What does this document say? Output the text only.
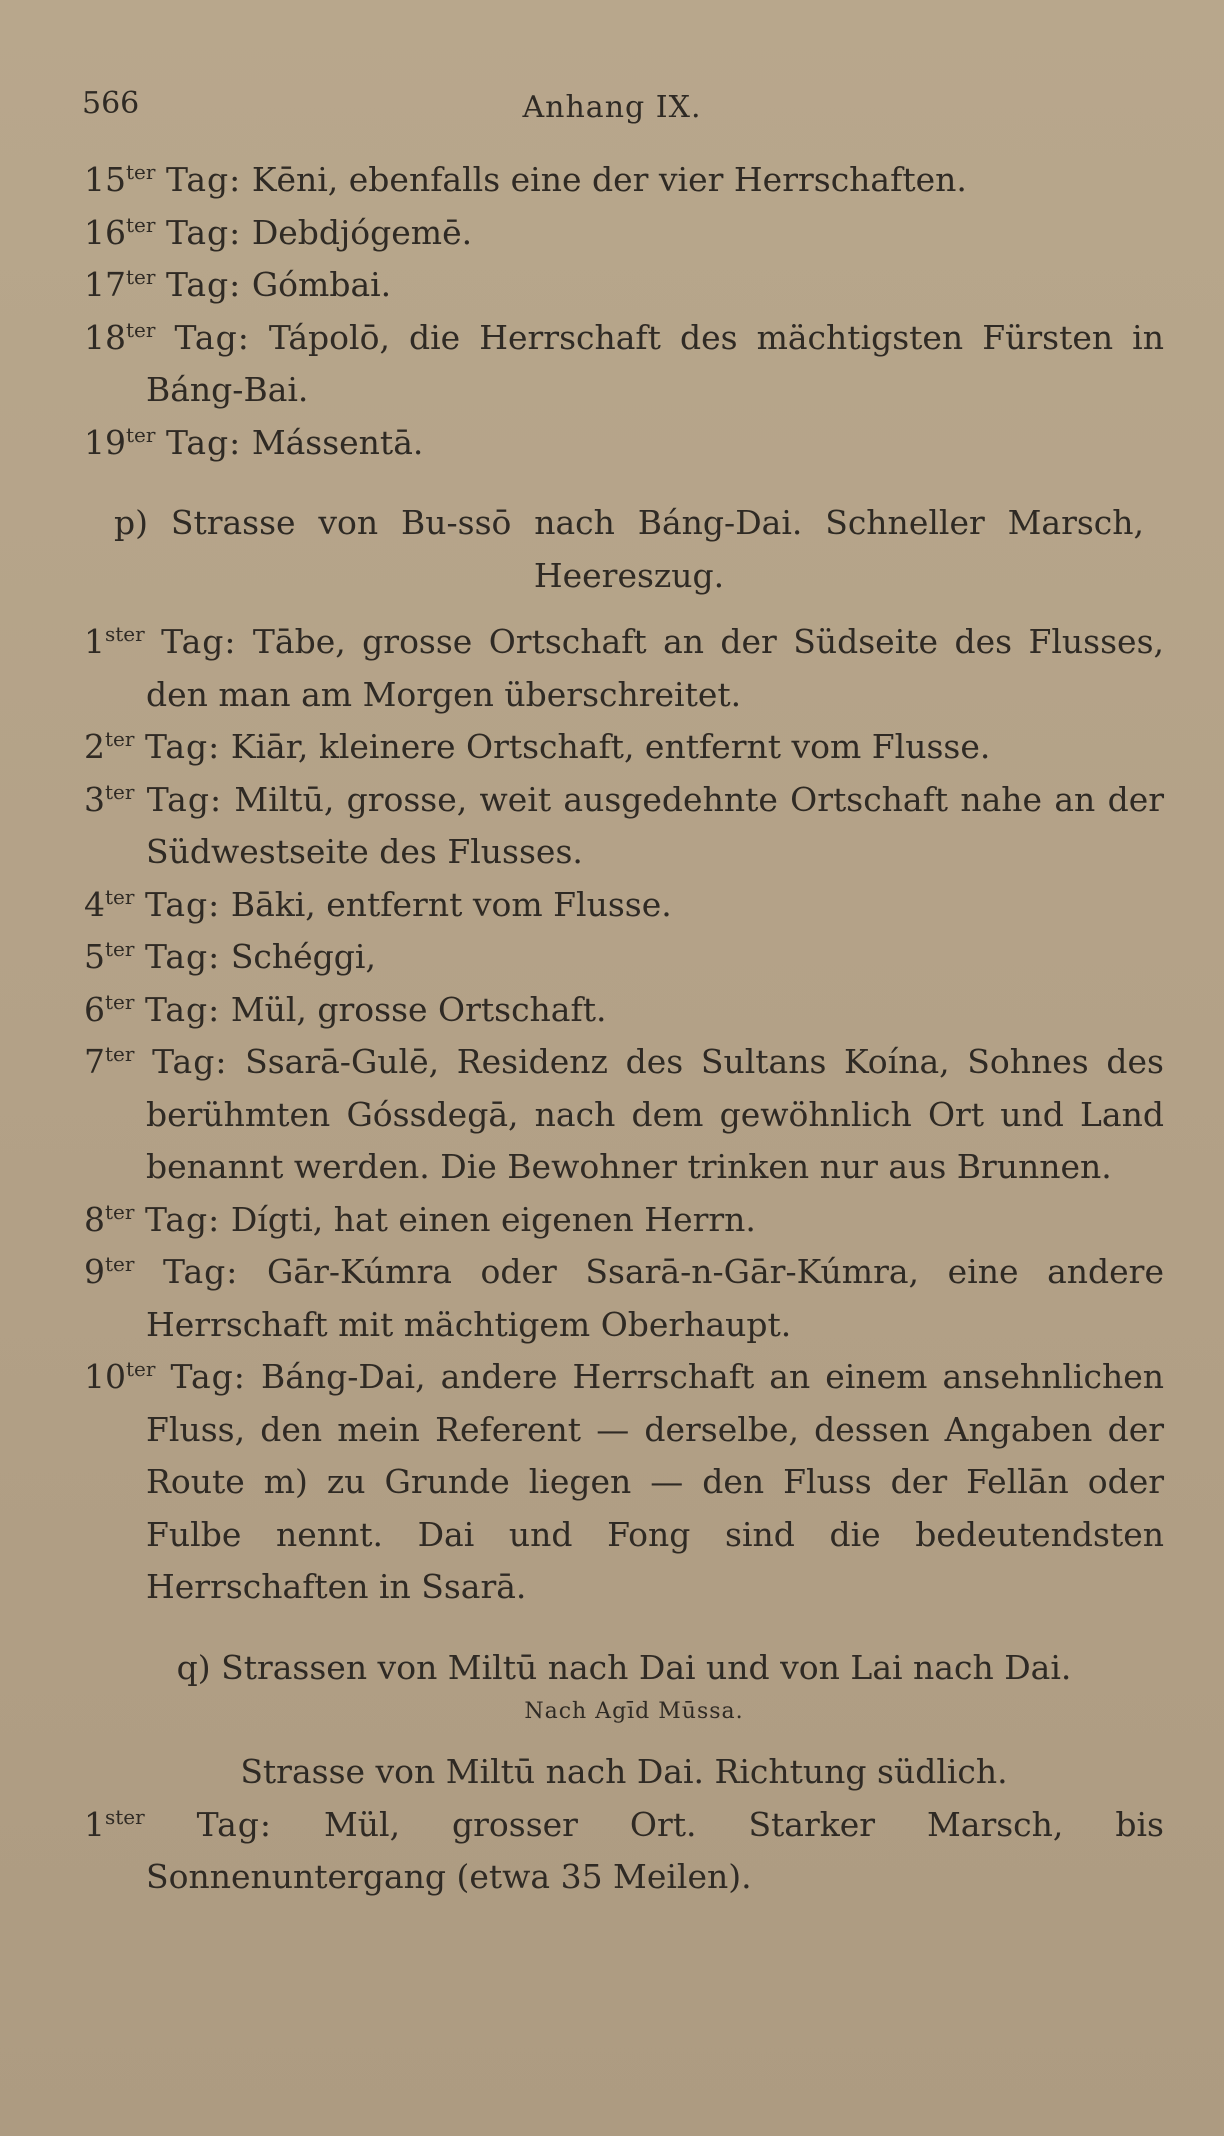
566	Anhang IX.

$15^{ter}$ Tag: Kēni, ebenfalls eine der vier Herrschaften.

$16^{ter}$ Tag: Debdjógemē.

$17^{ter}$ Tag: Gómbai.

$18^{ter}$ Tag: Tápolō, die Herrschaft des mächtigsten Fürsten in Báng-Bai.

$19^{ter}$ Tag: Mássentā.

p) Strasse von Bu-ssō nach Báng-Dai. Schneller Marsch,
Heereszug.

$1^{ster}$ Tag: Tābe, grosse Ortschaft an der Südseite des Flusses, den man am Morgen überschreitet.

$2^{ter}$ Tag: Kiār, kleinere Ortschaft, entfernt vom Flusse.

$3^{ter}$ Tag: Miltū, grosse, weit ausgedehnte Ortschaft nahe an der Südwestseite des Flusses.

$4^{ter}$ Tag: Bāki, entfernt vom Flusse.

$5^{ter}$ Tag: Schéggi,

$6^{ter}$ Tag: Mül, grosse Ortschaft.

$7^{ter}$ Tag: Ssarā-Gulē, Residenz des Sultans Koína, Sohnes des berühmten Góssdegā, nach dem gewöhnlich Ort und Land benannt werden. Die Bewohner trinken nur aus Brunnen.

$8^{ter}$ Tag: Dígti, hat einen eigenen Herrn.

$9^{ter}$ Tag: Gār-Kúmra oder Ssarā-n-Gār-Kúmra, eine andere Herrschaft mit mächtigem Oberhaupt.

$10^{ter}$ Tag: Báng-Dai, andere Herrschaft an einem ansehnlichen Fluss, den mein Referent — derselbe, dessen Angaben der Route m) zu Grunde liegen — den Fluss der Fellān oder Fulbe nennt. Dai und Fong sind die bedeutendsten Herrschaften in Ssarā.

q) Strassen von Miltū nach Dai und von Lai nach Dai.
Nach Agīd Mūssa.
Strasse von Miltū nach Dai. Richtung südlich.

$1^{ster}$ Tag: Mül, grosser Ort. Starker Marsch, bis Sonnenuntergang (etwa 35 Meilen).
